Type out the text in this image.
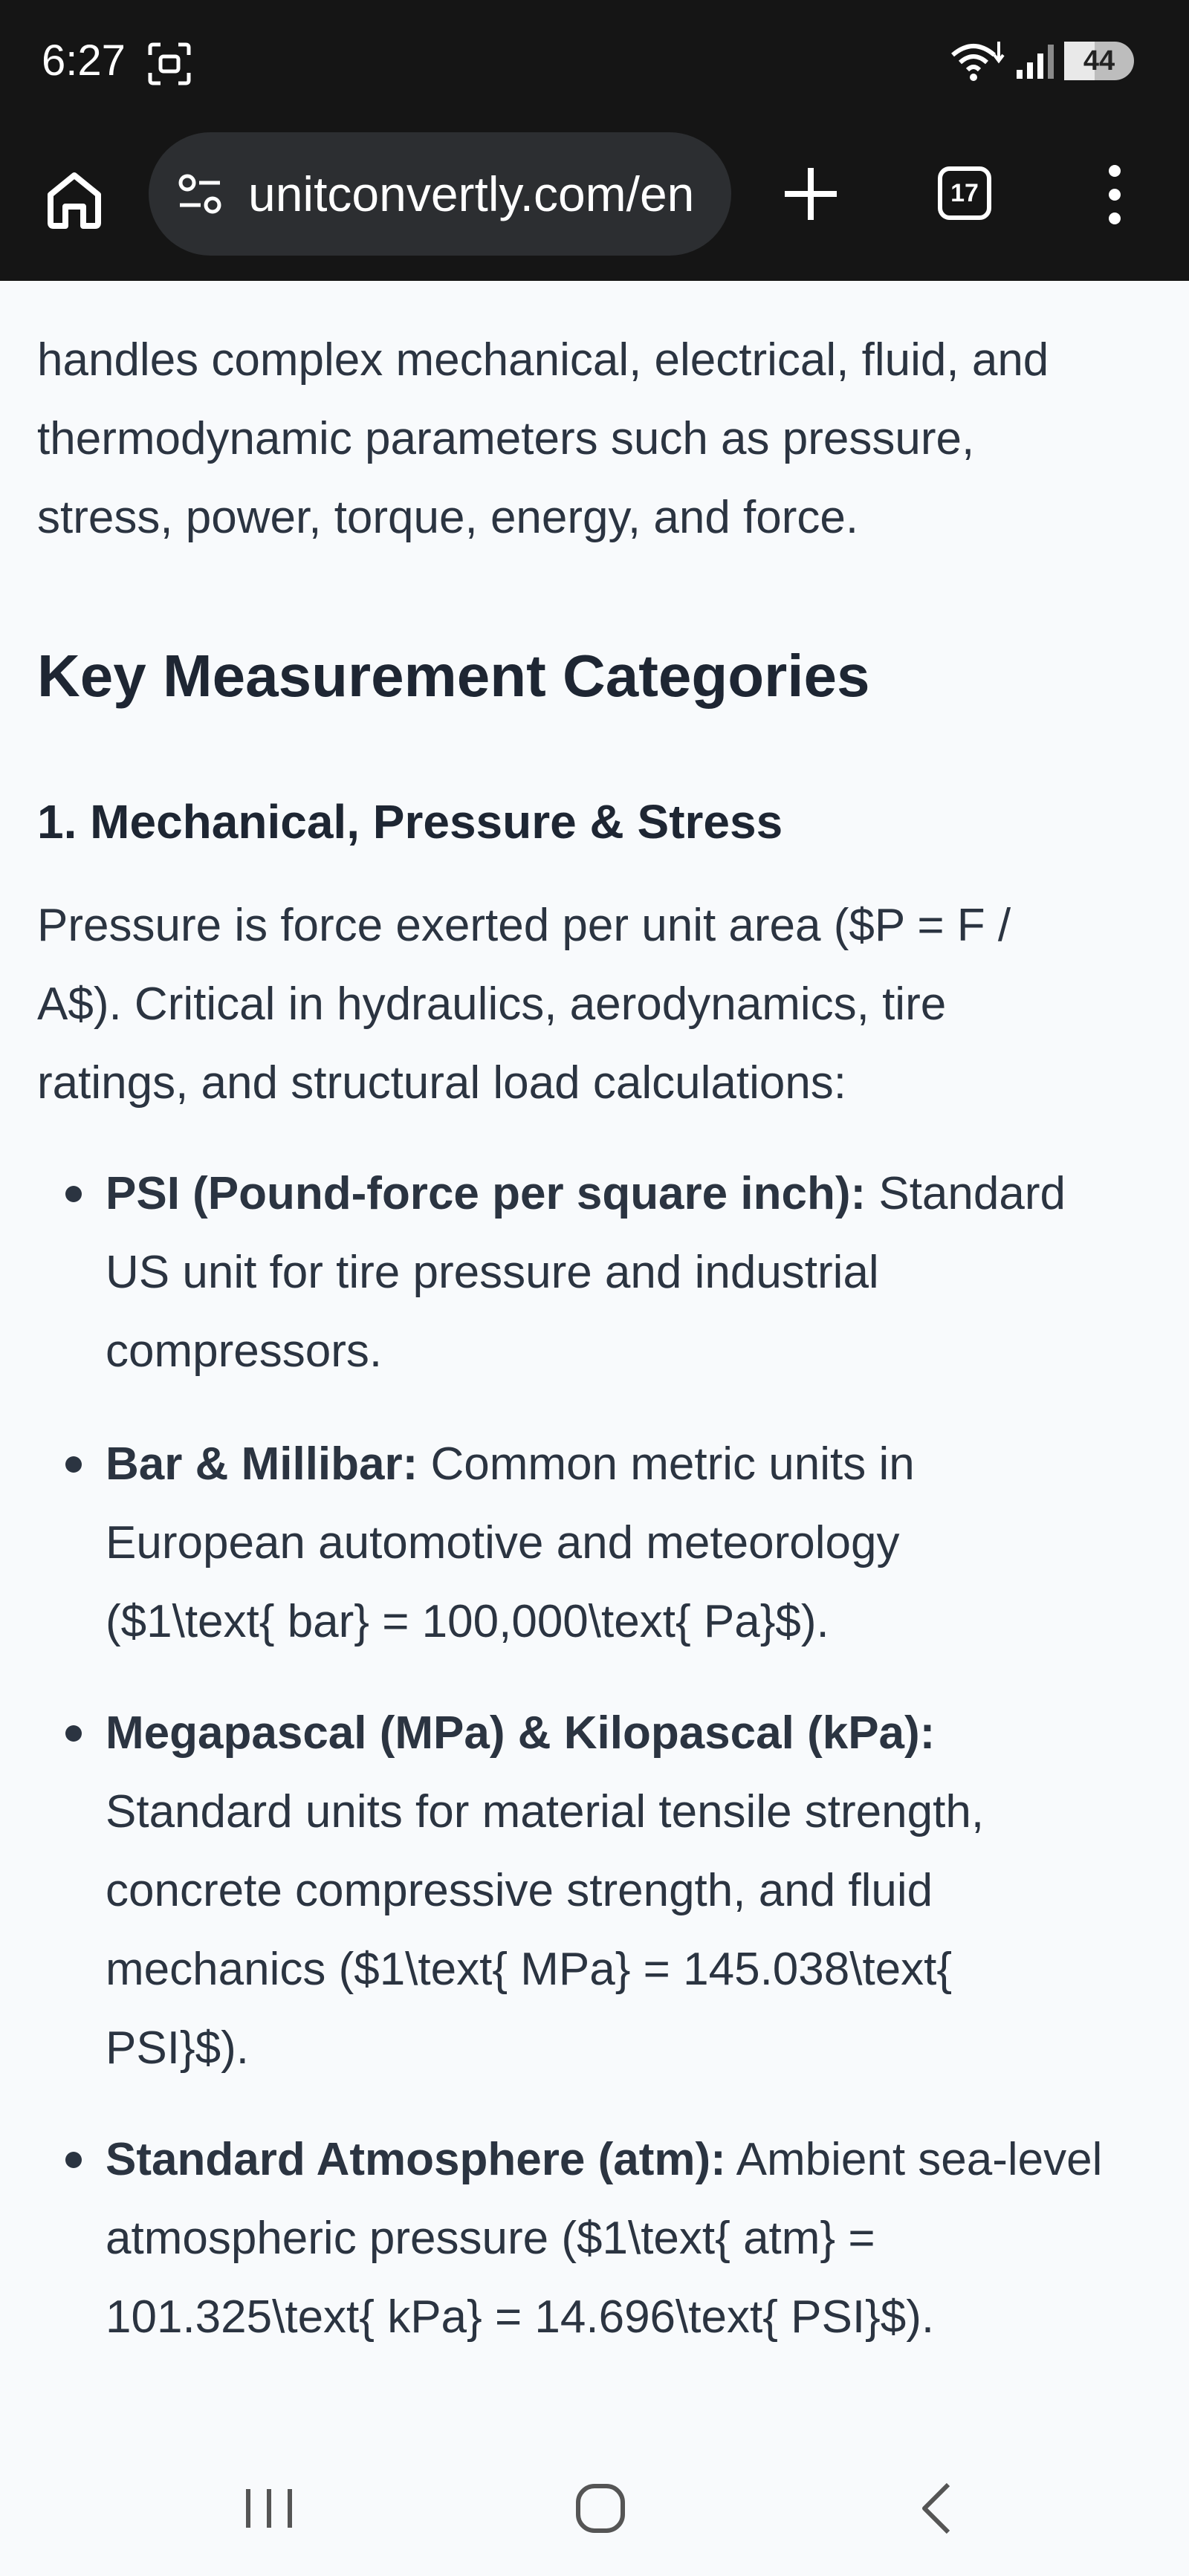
handles complex mechanical, electrical, fluid, and

thermodynamic parameters such as pressure,

stress, power, torque, energy, and force.

Key Measurement Categories
1. Mechanical, Pressure & Stress

Pressure is force exerted per unit area ($P = F /

A$). Critical in hydraulics, aerodynamics, tire

ratings, and structural load calculations:

PSI (Pound-force per square inch): Standard
US unit for tire pressure and industrial
compressors.
Bar & Millibar: Common metric units in
European automotive and meteorology
($1\text{ bar} = 100,000\text{ Pa}$).
Megapascal (MPa) & Kilopascal (kPa):
Standard units for material tensile strength,
concrete compressive strength, and fluid
mechanics ($1\text{ MPa} = 145.038\text{
PSI}$).
Standard Atmosphere (atm): Ambient sea-level
atmospheric pressure ($1\text{ atm} =
101.325\text{ kPa} = 14.696\text{ PSI}$).
6:27	44
unitconvertly.com/en	17
